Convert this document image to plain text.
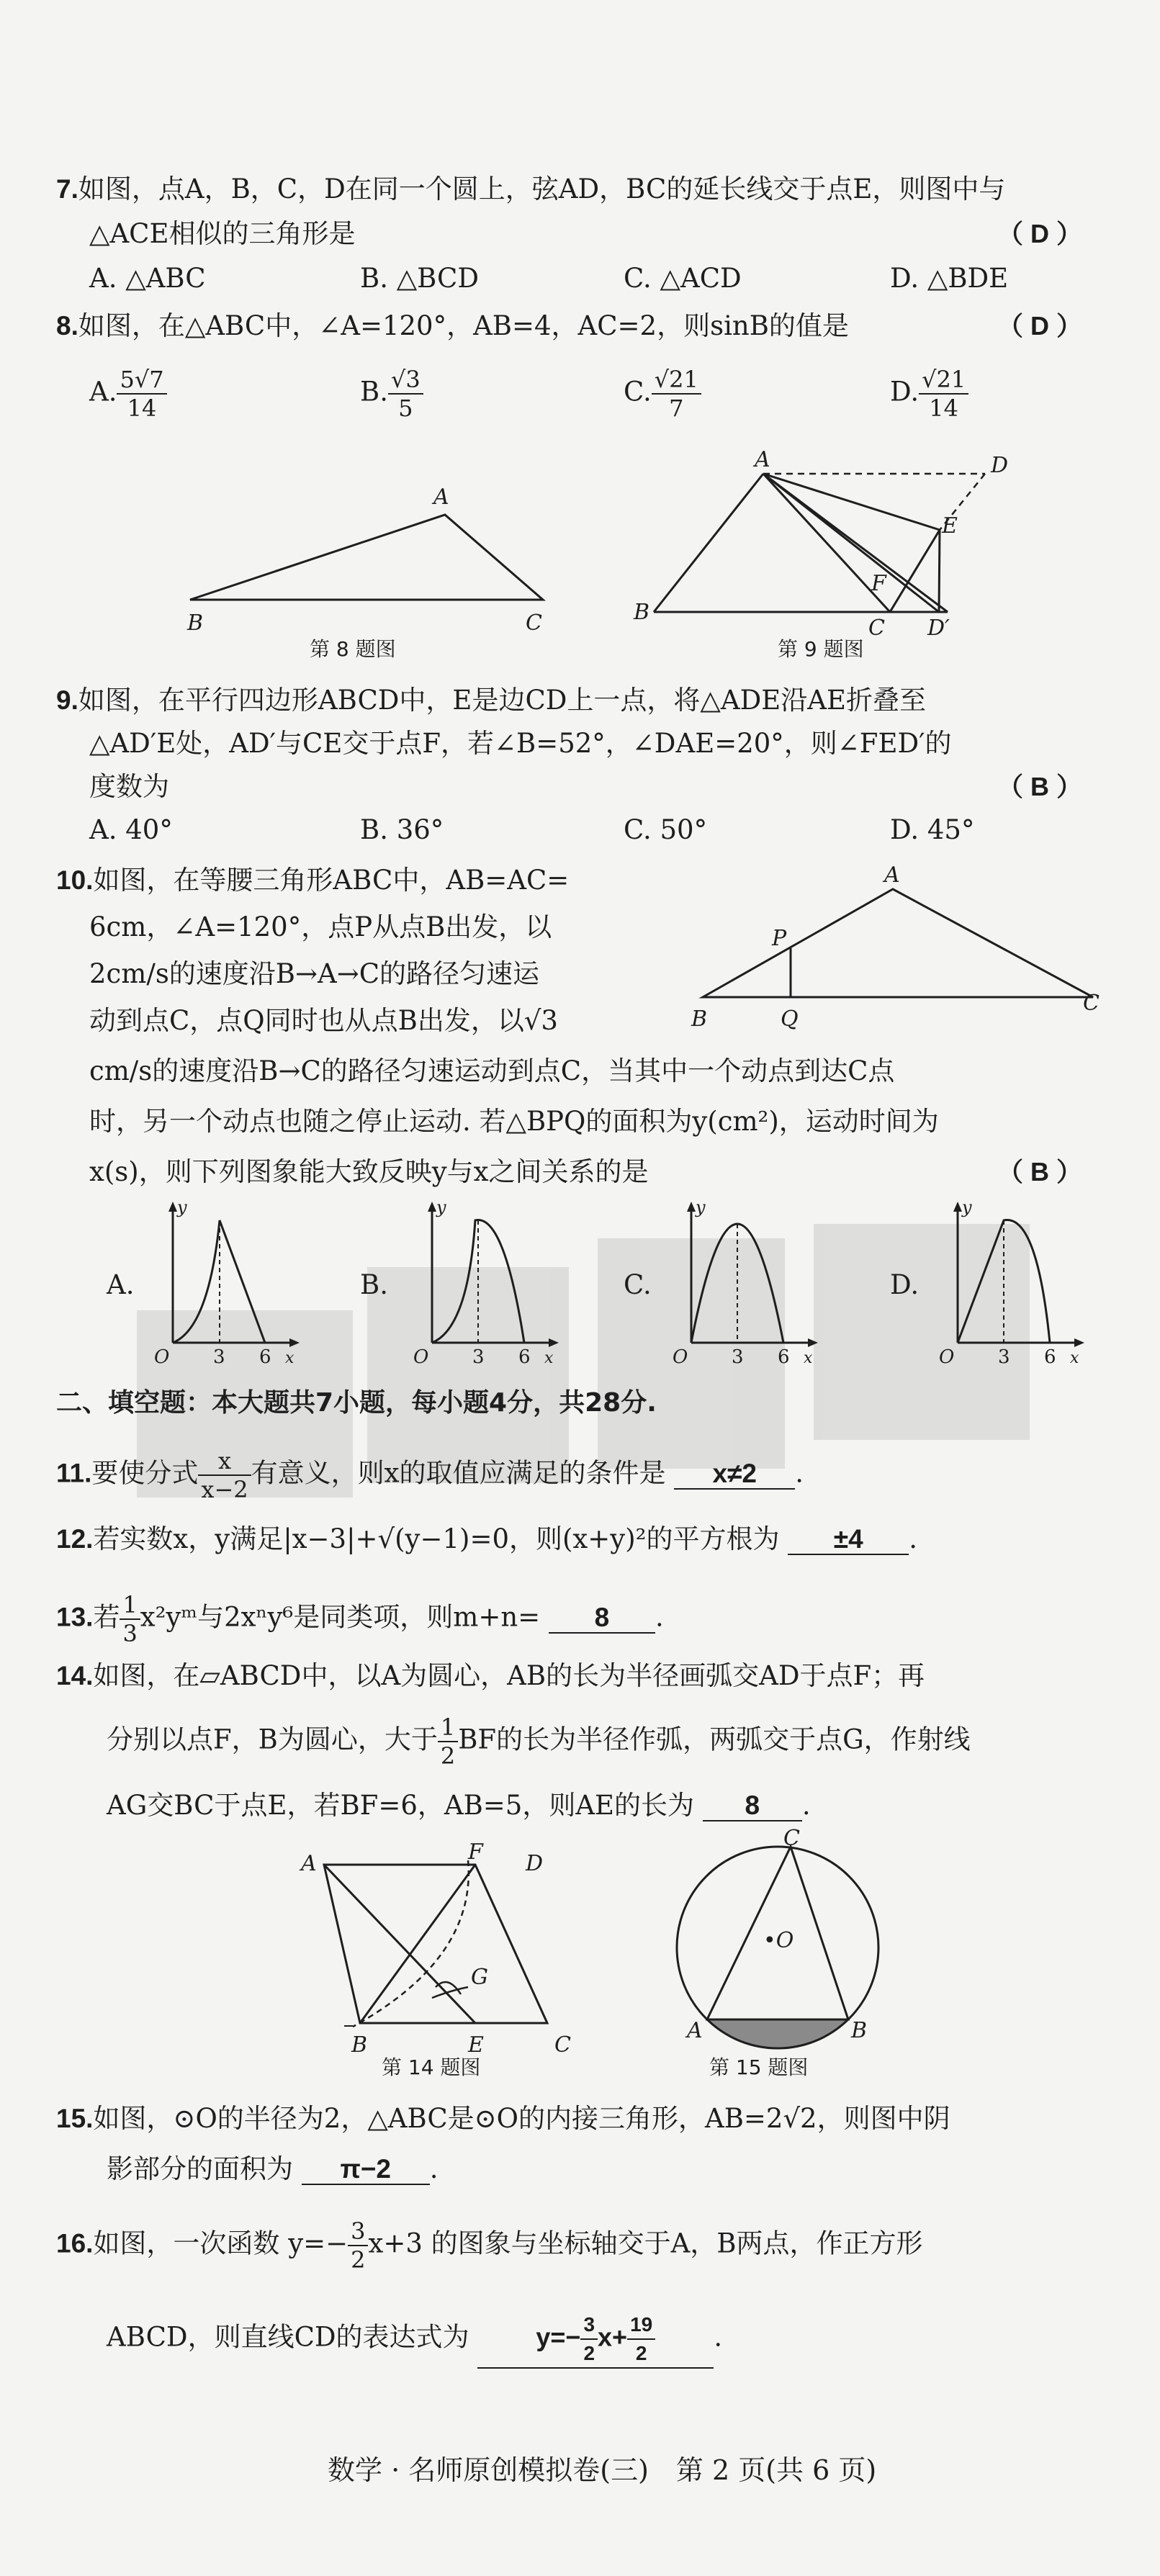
7.如图，点A，B，C，D在同一个圆上，弦AD，BC的延长线交于点E，则图中与
△ACE相似的三角形是	（ D ）
A. △ABC	B. △BCD	C. △ACD	D. △BDE
8.如图，在△ABC中，∠A=120°，AB=4，AC=2，则sinB的值是	（ D ）
A. $\frac{5√7}{14}$	B. $\frac{√3}{5}$	C. $\frac{√21}{7}$	D. $\frac{√21}{14}$
A
B	C
第 8 题图
A	D
E
F
B
C D′
第 9 题图
9.如图，在平行四边形ABCD中，E是边CD上一点，将△ADE沿AE折叠至
△AD′E处，AD′与CE交于点F，若∠B=52°，∠DAE=20°，则∠FED′的
度数为	（ B ）
A. 40°	B. 36°	C. 50°	D. 45°
10.如图，在等腰三角形ABC中，AB=AC=
6cm，∠A=120°，点P从点B出发，以
2cm/s的速度沿B→A→C的路径匀速运
动到点C，点Q同时也从点B出发，以√3
cm/s的速度沿B→C的路径匀速运动到点C，当其中一个动点到达C点
时，另一个动点也随之停止运动. 若△BPQ的面积为y(cm²)，运动时间为
x(s)，则下列图象能大致反映y与x之间关系的是	（ B ）
A
P
B	Q
C
A.
y
O 3 6 x
B.
y
O 3 6 x
C.
y
O 3 6 x
D.
y
O 3 6 x
二、填空题：本大题共7小题，每小题4分，共28分.
11.要使分式 $\frac{x}{x-2}$ 有意义，则x的取值应满足的条件是 x≠2 .
12.若实数x，y满足|x−3|+√(y−1)=0，则(x+y)²的平方根为 ±4 .
13.若 $\frac{1}{3}$ x²yᵐ与2xⁿy⁶是同类项，则m+n= 8 .
14.如图，在▱ABCD中，以A为圆心，AB的长为半径画弧交AD于点F；再
分别以点F，B为圆心，大于 $\frac{1}{2}$ BF的长为半径作弧，两弧交于点G，作射线
AG交BC于点E，若BF=6，AB=5，则AE的长为 8 .
A	F D
G
B	E	C
第 14 题图
C
•O
A	B
第 15 题图
15.如图，⊙O的半径为2，△ABC是⊙O的内接三角形，AB=2√2，则图中阴
影部分的面积为 π−2 .
16.如图，一次函数 $y=- \frac{3}{2} x+3$ 的图象与坐标轴交于A，B两点，作正方形
ABCD，则直线CD的表达式为	$y=- \frac{3}{2} x+ \frac{19}{2}$ .
数学 · 名师原创模拟卷(三)　第 2 页(共 6 页)
